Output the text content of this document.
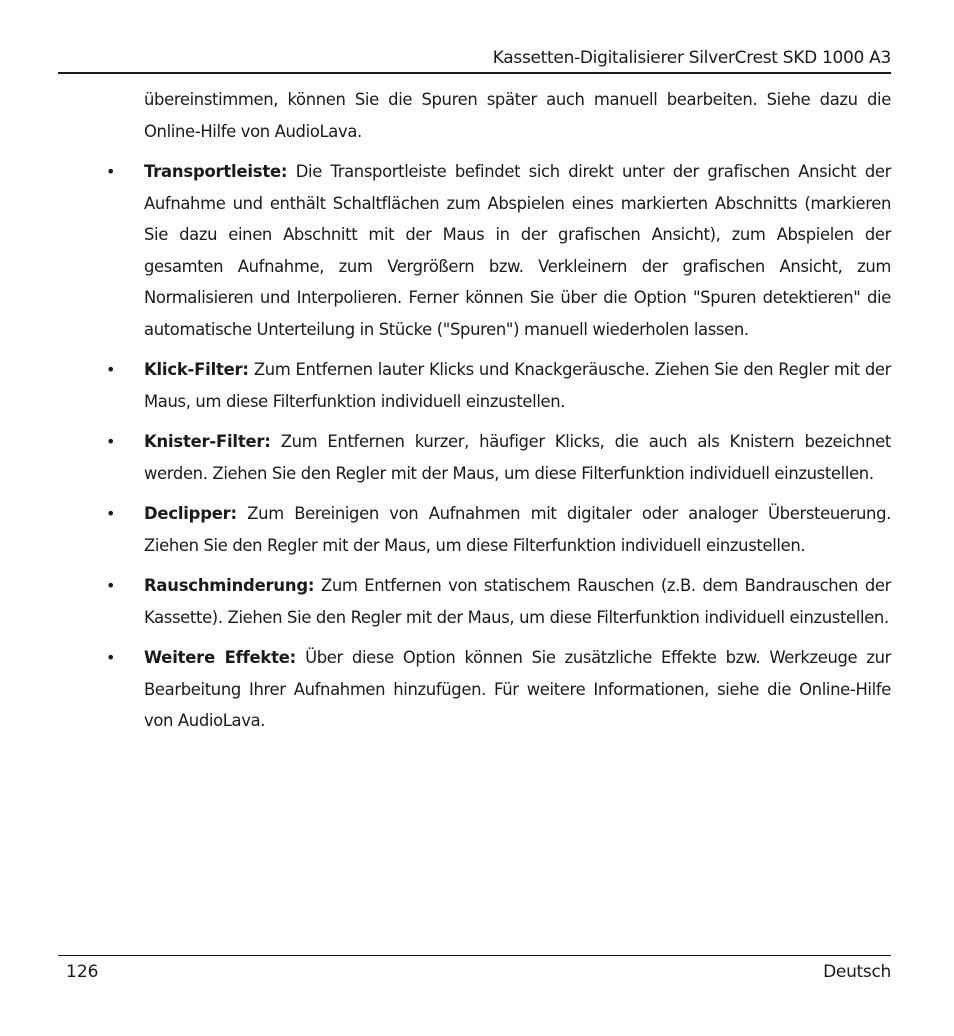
Kassetten-Digitalisierer SilverCrest SKD 1000 A3

übereinstimmen, können Sie die Spuren später auch manuell bearbeiten. Siehe dazu die Online-Hilfe von AudioLava.

• Transportleiste: Die Transportleiste befindet sich direkt unter der grafischen Ansicht der Aufnahme und enthält Schaltflächen zum Abspielen eines markierten Abschnitts (markieren Sie dazu einen Abschnitt mit der Maus in der grafischen Ansicht), zum Abspielen der gesamten Aufnahme, zum Vergrößern bzw. Verkleinern der grafischen Ansicht, zum Normalisieren und Interpolieren. Ferner können Sie über die Option "Spuren detektieren" die automatische Unterteilung in Stücke ("Spuren") manuell wiederholen lassen.

• Klick-Filter: Zum Entfernen lauter Klicks und Knackgeräusche. Ziehen Sie den Regler mit der Maus, um diese Filterfunktion individuell einzustellen.

• Knister-Filter: Zum Entfernen kurzer, häufiger Klicks, die auch als Knistern bezeichnet werden. Ziehen Sie den Regler mit der Maus, um diese Filterfunktion individuell einzustellen.

• Declipper: Zum Bereinigen von Aufnahmen mit digitaler oder analoger Übersteuerung. Ziehen Sie den Regler mit der Maus, um diese Filterfunktion individuell einzustellen.

• Rauschminderung: Zum Entfernen von statischem Rauschen (z.B. dem Bandrauschen der Kassette). Ziehen Sie den Regler mit der Maus, um diese Filterfunktion individuell einzustellen.

• Weitere Effekte: Über diese Option können Sie zusätzliche Effekte bzw. Werkzeuge zur Bearbeitung Ihrer Aufnahmen hinzufügen. Für weitere Informationen, siehe die Online-Hilfe von AudioLava.

126	Deutsch
